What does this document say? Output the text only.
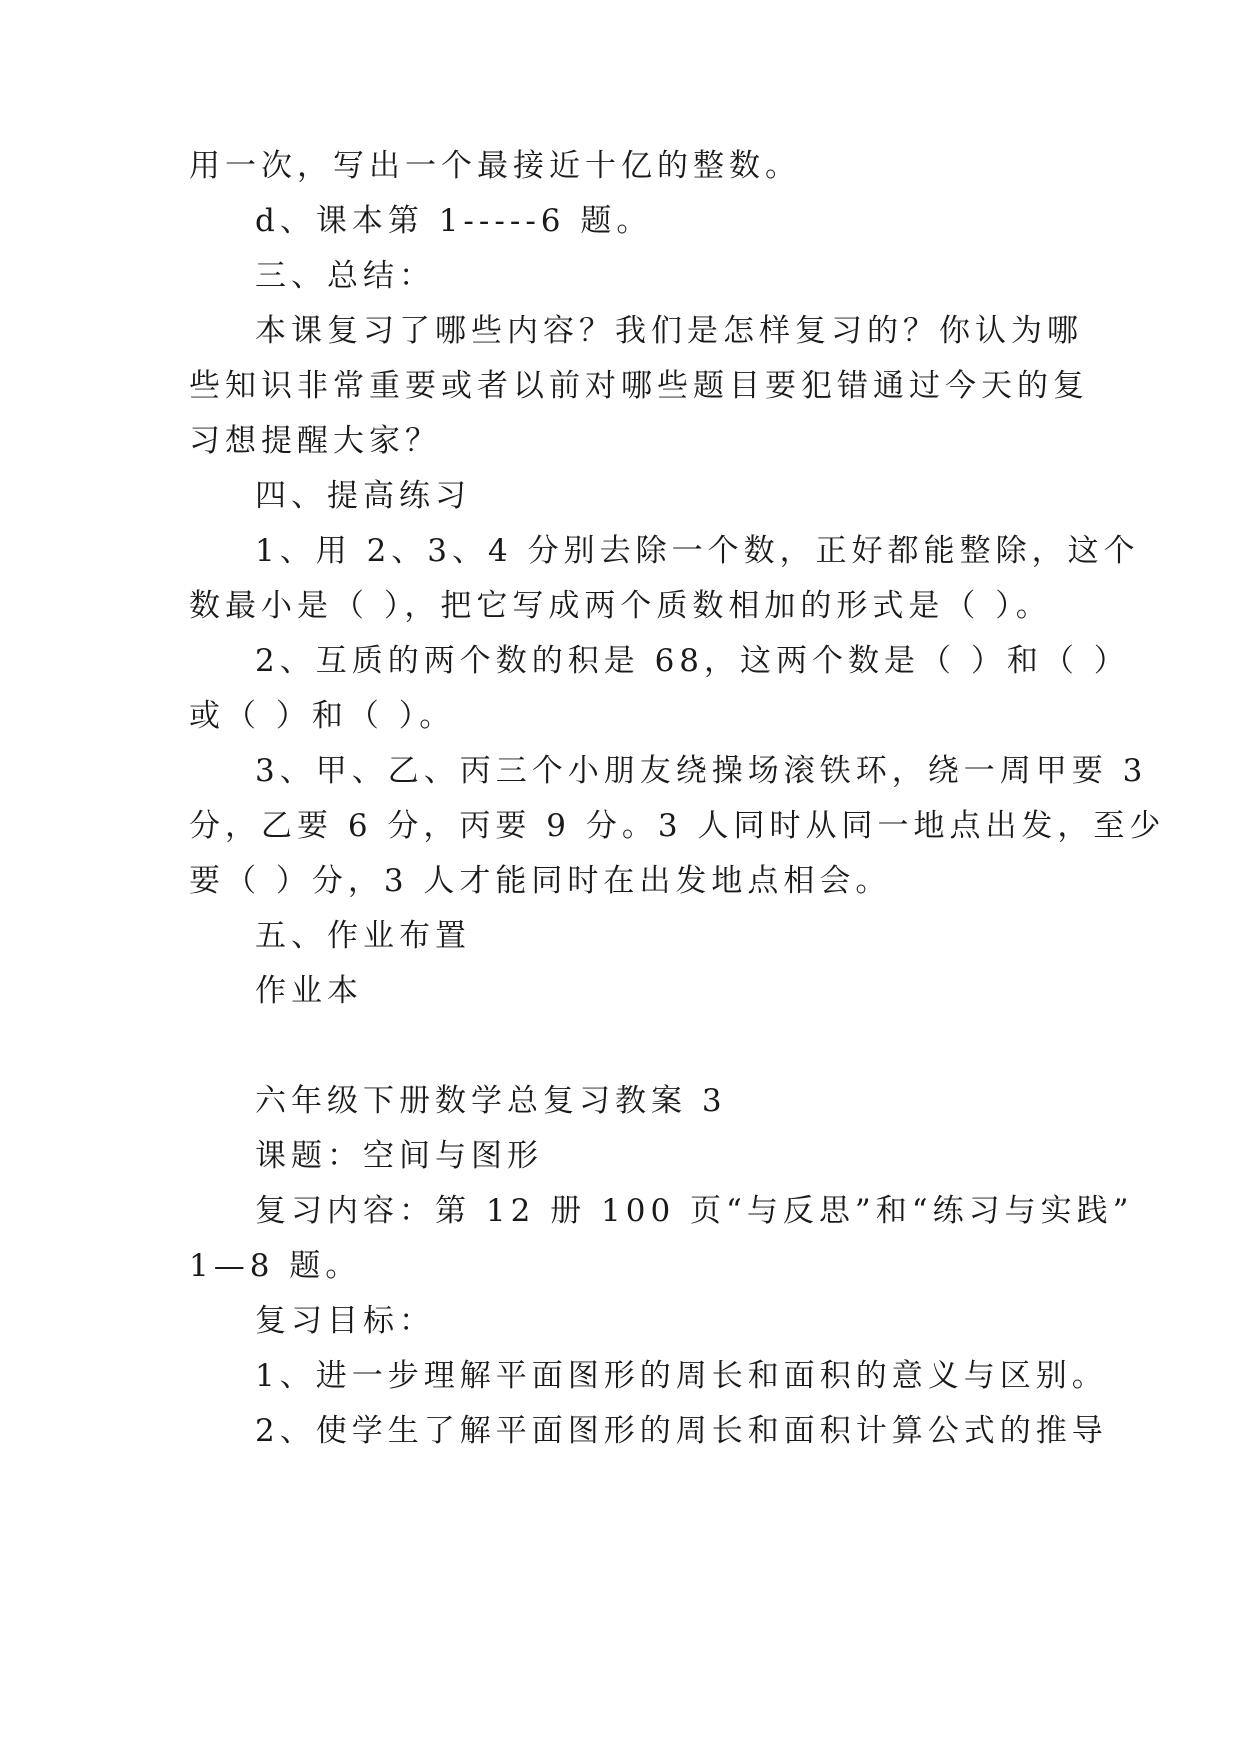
用一次，写出一个最接近十亿的整数。

d、课本第 1-----6 题。

三、总结：

本课复习了哪些内容？我们是怎样复习的？你认为哪

些知识非常重要或者以前对哪些题目要犯错通过今天的复

习想提醒大家？

四、提高练习

1、用 2、3、4 分别去除一个数，正好都能整除，这个

数最小是（ ），把它写成两个质数相加的形式是（ ）。

2、互质的两个数的积是 68，这两个数是（ ）和（ ）

或（ ）和（ ）。

3、甲、乙、丙三个小朋友绕操场滚铁环，绕一周甲要 3

分，乙要 6 分，丙要 9 分。3 人同时从同一地点出发，至少

要（ ）分，3 人才能同时在出发地点相会。

五、作业布置

作业本

六年级下册数学总复习教案 3

课题：空间与图形

复习内容：第 12 册 100 页“与反思”和“练习与实践”

1—8 题。

复习目标：

1、进一步理解平面图形的周长和面积的意义与区别。

2、使学生了解平面图形的周长和面积计算公式的推导
